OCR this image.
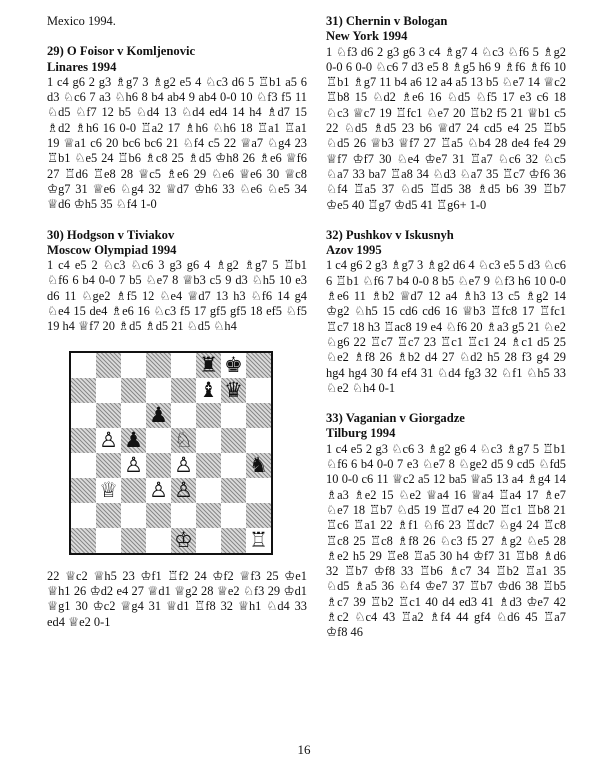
Mexico 1994.

29) O Foisor v Komljenovic

Linares 1994

1 c4 g6 2 g3 ♗g7 3 ♗g2 e5 4 ♘c3 d6 5 ♖b1 a5 6 d3 ♘c6 7 a3 ♘h6 8 b4 ab4 9 ab4 0-0 10 ♘f3 f5 11 ♘d5 ♘f7 12 b5 ♘d4 13 ♘d4 ed4 14 h4 ♗d7 15 ♗d2 ♗h6 16 0-0 ♖a2 17 ♗h6 ♘h6 18 ♖a1 ♖a1 19 ♕a1 c6 20 bc6 bc6 21 ♘f4 c5 22 ♕a7 ♘g4 23 ♖b1 ♘e5 24 ♖b6 ♗c8 25 ♗d5 ♔h8 26 ♗e6 ♕f6 27 ♖d6 ♖e8 28 ♕c5 ♗e6 29 ♘e6 ♕e6 30 ♕c8 ♔g7 31 ♕e6 ♘g4 32 ♕d7 ♔h6 33 ♘e6 ♘e5 34 ♕d6 ♔h5 35 ♘f4 1-0

30) Hodgson v Tiviakov

Moscow Olympiad 1994

1 c4 e5 2 ♘c3 ♘c6 3 g3 g6 4 ♗g2 ♗g7 5 ♖b1 ♘f6 6 b4 0-0 7 b5 ♘e7 8 ♕b3 c5 9 d3 ♘h5 10 e3 d6 11 ♘ge2 ♗f5 12 ♘e4 ♕d7 13 h3 ♘f6 14 g4 ♘e4 15 de4 ♗e6 16 ♘c3 f5 17 gf5 gf5 18 ef5 ♘f5 19 h4 ♕f7 20 ♗d5 ♗d5 21 ♘d5 ♘h4

♜ ♚
♝ ♛
♟
♙ ♟ ♘
♙ ♙	♞
♕ ♙ ♙
♔	♖

22 ♕c2 ♕h5 23 ♔f1 ♖f2 24 ♔f2 ♕f3 25 ♔e1 ♕h1 26 ♔d2 e4 27 ♕d1 ♕g2 28 ♕e2 ♘f3 29 ♔d1 ♕g1 30 ♔c2 ♕g4 31 ♕d1 ♖f8 32 ♕h1 ♘d4 33 ed4 ♕e2 0-1

31) Chernin v Bologan

New York 1994

1 ♘f3 d6 2 g3 g6 3 c4 ♗g7 4 ♘c3 ♘f6 5 ♗g2 0-0 6 0-0 ♘c6 7 d3 e5 8 ♗g5 h6 9 ♗f6 ♗f6 10 ♖b1 ♗g7 11 b4 a6 12 a4 a5 13 b5 ♘e7 14 ♕c2 ♖b8 15 ♘d2 ♗e6 16 ♘d5 ♘f5 17 e3 c6 18 ♘c3 ♕c7 19 ♖fc1 ♘e7 20 ♖b2 f5 21 ♕b1 c5 22 ♘d5 ♗d5 23 b6 ♕d7 24 cd5 e4 25 ♖b5 ♘d5 26 ♕b3 ♕f7 27 ♖a5 ♘b4 28 de4 fe4 29 ♕f7 ♔f7 30 ♘e4 ♔e7 31 ♖a7 ♘c6 32 ♘c5 ♘a7 33 ba7 ♖a8 34 ♘d3 ♘a7 35 ♖c7 ♔f6 36 ♘f4 ♖a5 37 ♘d5 ♖d5 38 ♗d5 b6 39 ♖b7 ♔e5 40 ♖g7 ♔d5 41 ♖g6+ 1-0

32) Pushkov v Iskusnyh

Azov 1995

1 c4 g6 2 g3 ♗g7 3 ♗g2 d6 4 ♘c3 e5 5 d3 ♘c6 6 ♖b1 ♘f6 7 b4 0-0 8 b5 ♘e7 9 ♘f3 h6 10 0-0 ♗e6 11 ♗b2 ♕d7 12 a4 ♗h3 13 c5 ♗g2 14 ♔g2 ♘h5 15 cd6 cd6 16 ♕b3 ♖fc8 17 ♖fc1 ♖c7 18 h3 ♖ac8 19 e4 ♘f6 20 ♗a3 g5 21 ♘e2 ♘g6 22 ♖c7 ♖c7 23 ♖c1 ♖c1 24 ♗c1 d5 25 ♘e2 ♗f8 26 ♗b2 d4 27 ♘d2 h5 28 f3 g4 29 hg4 hg4 30 f4 ef4 31 ♘d4 fg3 32 ♘f1 ♘h5 33 ♘e2 ♘h4 0-1

33) Vaganian v Giorgadze

Tilburg 1994

1 c4 e5 2 g3 ♘c6 3 ♗g2 g6 4 ♘c3 ♗g7 5 ♖b1 ♘f6 6 b4 0-0 7 e3 ♘e7 8 ♘ge2 d5 9 cd5 ♘fd5 10 0-0 c6 11 ♕c2 a5 12 ba5 ♕a5 13 a4 ♗g4 14 ♗a3 ♗e2 15 ♘e2 ♕a4 16 ♕a4 ♖a4 17 ♗e7 ♘e7 18 ♖b7 ♘d5 19 ♖d7 e4 20 ♖c1 ♖b8 21 ♖c6 ♖a1 22 ♗f1 ♘f6 23 ♖dc7 ♘g4 24 ♖c8 ♖c8 25 ♖c8 ♗f8 26 ♘c3 f5 27 ♗g2 ♘e5 28 ♗e2 h5 29 ♖e8 ♖a5 30 h4 ♔f7 31 ♖b8 ♗d6 32 ♖b7 ♔f8 33 ♖b6 ♗c7 34 ♖b2 ♖a1 35 ♘d5 ♗a5 36 ♘f4 ♔e7 37 ♖b7 ♔d6 38 ♖b5 ♗c7 39 ♖b2 ♖c1 40 d4 ed3 41 ♗d3 ♔e7 42 ♗c2 ♘c4 43 ♖a2 ♗f4 44 gf4 ♘d6 45 ♖a7 ♔f8 46

16
